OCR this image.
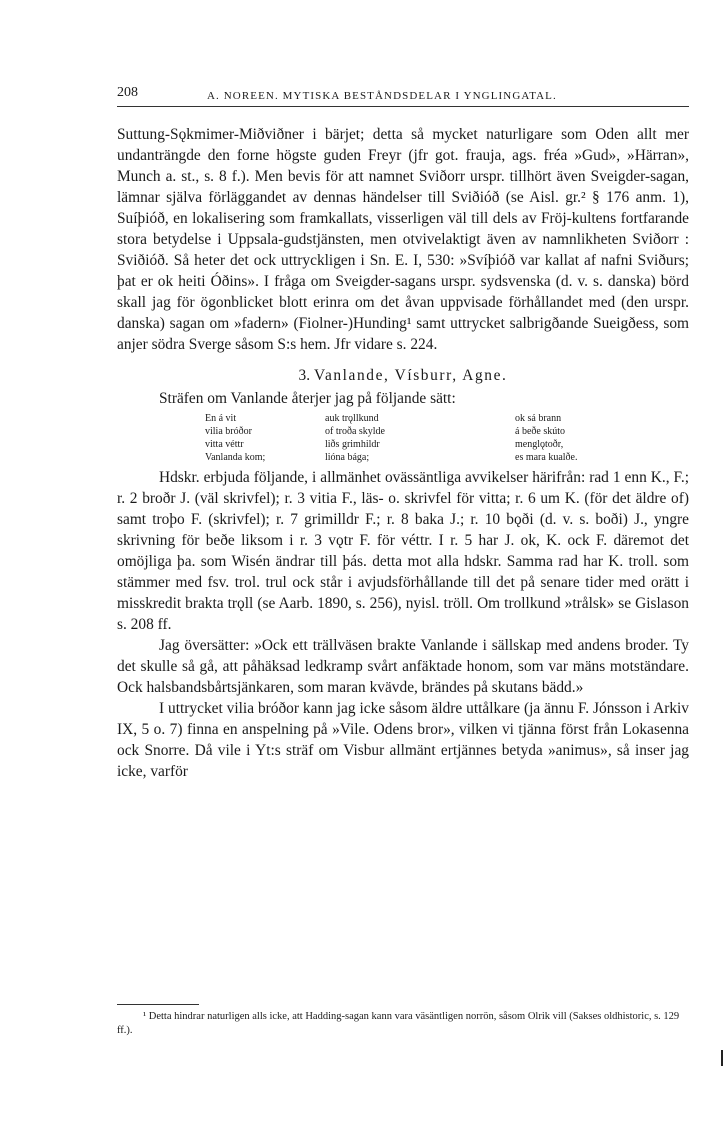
208	A. NOREEN. MYTISKA BESTÅNDSDELAR I YNGLINGATAL.

Suttung-Sǫkmimer-Miðviðner i bärjet; detta så mycket naturligare som Oden allt mer undanträngde den forne högste guden Freyr (jfr got. frauja, ags. fréa »Gud», »Härran», Munch a. st., s. 8 f.). Men bevis för att namnet Sviðorr urspr. tillhört även Sveigder-sagan, lämnar själva förläggandet av dennas händelser till Sviðióð (se Aisl. gr.² § 176 anm. 1), Suíþióð, en lokalisering som framkallats, visserligen väl till dels av Fröj-kultens fortfarande stora betydelse i Uppsala-gudstjänsten, men otvivelaktigt även av namnlikheten Sviðorr : Sviðióð. Så heter det ock uttryckligen i Sn. E. I, 530: »Svíþióð var kallat af nafni Sviðurs; þat er ok heiti Óðins». I fråga om Sveigder-sagans urspr. sydsvenska (d. v. s. danska) börd skall jag för ögonblicket blott erinra om det åvan uppvisade förhållandet med (den urspr. danska) sagan om »fadern» (Fiolner-)Hunding¹ samt uttrycket salbrigðande Sueigðess, som anjer södra Sverge såsom S:s hem. Jfr vidare s. 224.

3. Vanlande, Vísburr, Agne.

Sträfen om Vanlande återjer jag på följande sätt:

En á vit	auk trǫllkund	ok sá brann
vilia bróðor	of troða skylde	á beðe skúto
vitta véttr	liðs grimhildr	menglǫtoðr,
Vanlanda kom;	lióna bága;	es mara kualðe.

Hdskr. erbjuda följande, i allmänhet ovässäntliga avvikelser härifrån: rad 1 enn K., F.; r. 2 broðr J. (väl skrivfel); r. 3 vitia F., läs- o. skrivfel för vitta; r. 6 um K. (för det äldre of) samt troþo F. (skrivfel); r. 7 grimilldr F.; r. 8 baka J.; r. 10 bǫði (d. v. s. boði) J., yngre skrivning för beðe liksom i r. 3 vǫtr F. för véttr. I r. 5 har J. ok, K. ock F. däremot det omöjliga þa. som Wisén ändrar till þás. detta mot alla hdskr. Samma rad har K. troll. som stämmer med fsv. trol. trul ock står i avjudsförhållande till det på senare tider med orätt i misskredit brakta trǫll (se Aarb. 1890, s. 256), nyisl. tröll. Om trollkund »trålsk» se Gislason s. 208 ff.

Jag översätter: »Ock ett trällväsen brakte Vanlande i sällskap med andens broder. Ty det skulle så gå, att påhäksad ledkramp svårt anfäktade honom, som var mäns motständare. Ock halsbandsbårtsjänkaren, som maran kvävde, brändes på skutans bädd.»

I uttrycket vilia bróðor kann jag icke såsom äldre uttålkare (ja ännu F. Jónsson i Arkiv IX, 5 o. 7) finna en anspelning på »Vile. Odens bror», vilken vi tjänna först från Lokasenna ock Snorre. Då vile i Yt:s sträf om Visbur allmänt ertjännes betyda »animus», så inser jag icke, varför

¹ Detta hindrar naturligen alls icke, att Hadding-sagan kann vara väsäntligen norrön, såsom Olrik vill (Sakses oldhistoric, s. 129 ff.).
